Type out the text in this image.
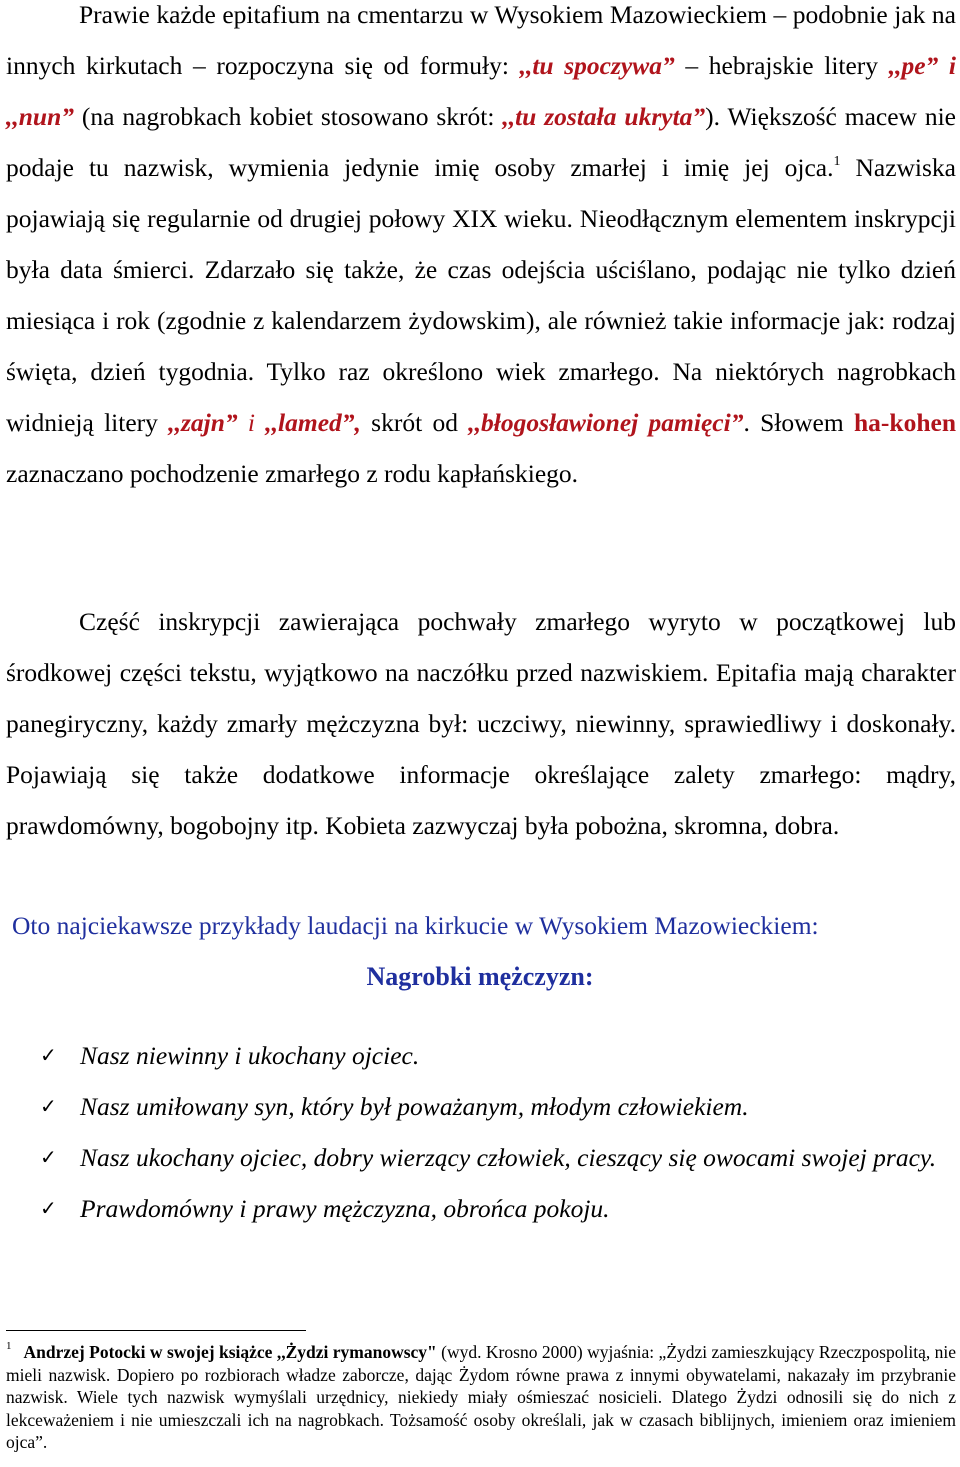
Prawie każde epitafium na cmentarzu w Wysokiem Mazowieckiem – podobnie jak na innych kirkutach – rozpoczyna się od formuły: ,,tu spoczywa” – hebrajskie litery ,,pe” i ,,nun” (na nagrobkach kobiet stosowano skrót: ,,tu została ukryta”). Większość macew nie podaje tu nazwisk, wymienia jedynie imię osoby zmarłej i imię jej ojca.$^1$ Nazwiska pojawiają się regularnie od drugiej połowy XIX wieku. Nieodłącznym elementem inskrypcji była data śmierci. Zdarzało się także, że czas odejścia uściślano, podając nie tylko dzień miesiąca i rok (zgodnie z kalendarzem żydowskim), ale również takie informacje jak: rodzaj święta, dzień tygodnia. Tylko raz określono wiek zmarłego. Na niektórych nagrobkach widnieją litery ,,zajn” i ,,lamed”, skrót od ,,błogosławionej pamięci”. Słowem ha-kohen zaznaczano pochodzenie zmarłego z rodu kapłańskiego.

Część inskrypcji zawierająca pochwały zmarłego wyryto w początkowej lub środkowej części tekstu, wyjątkowo na naczółku przed nazwiskiem. Epitafia mają charakter panegiryczny, każdy zmarły mężczyzna był: uczciwy, niewinny, sprawiedliwy i doskonały. Pojawiają się także dodatkowe informacje określające zalety zmarłego: mądry, prawdomówny, bogobojny itp. Kobieta zazwyczaj była pobożna, skromna, dobra.

Oto najciekawsze przykłady laudacji na kirkucie w Wysokiem Mazowieckiem:

Nagrobki mężczyzn:
✓ Nasz niewinny i ukochany ojciec.
✓ Nasz umiłowany syn, który był poważanym, młodym człowiekiem.
✓ Nasz ukochany ojciec, dobry wierzący człowiek, cieszący się owocami swojej pracy.
✓ Prawdomówny i prawy mężczyzna, obrońca pokoju.

$^1$ Andrzej Potocki w swojej książce ,,Żydzi rymanowscy" (wyd. Krosno 2000) wyjaśnia: „Żydzi zamieszkujący Rzeczpospolitą, nie mieli nazwisk. Dopiero po rozbiorach władze zaborcze, dając Żydom równe prawa z innymi obywatelami, nakazały im przybranie nazwisk. Wiele tych nazwisk wymyślali urzędnicy, niekiedy miały ośmieszać nosicieli. Dlatego Żydzi odnosili się do nich z lekceważeniem i nie umieszczali ich na nagrobkach. Tożsamość osoby określali, jak w czasach biblijnych, imieniem oraz imieniem ojca”.
